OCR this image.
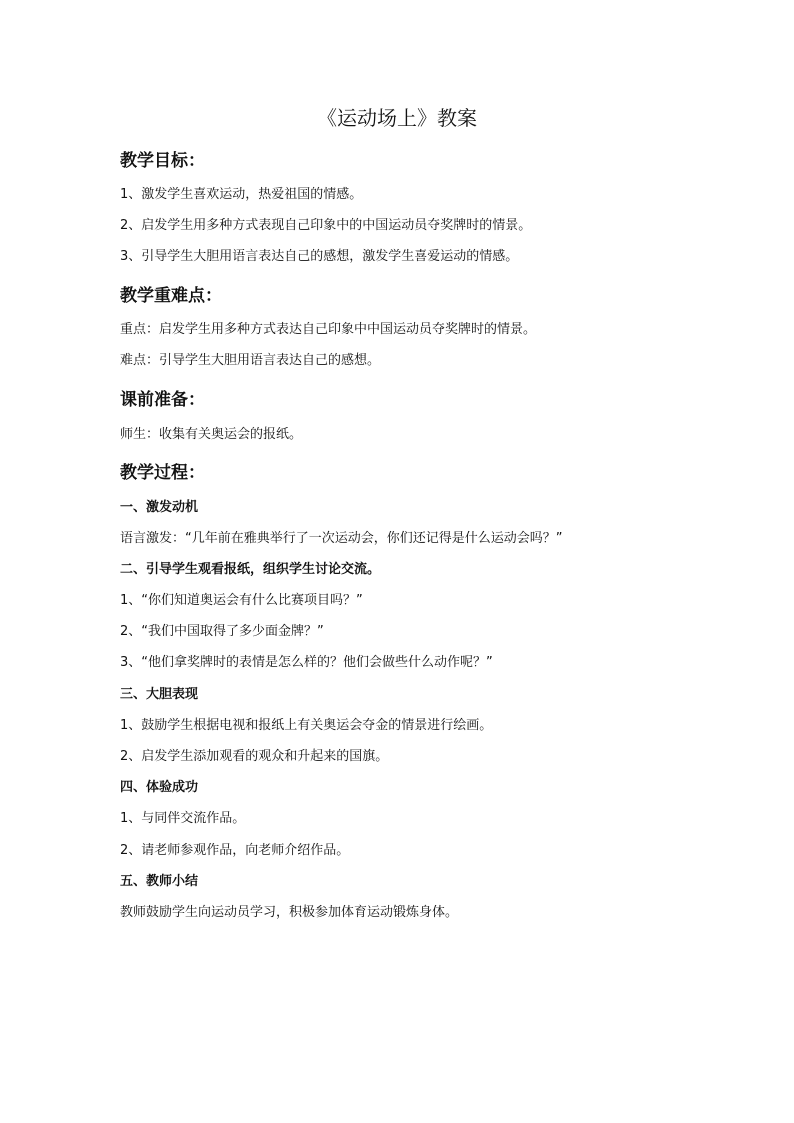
《运动场上》教案
教学目标：
1、激发学生喜欢运动，热爱祖国的情感。
2、启发学生用多种方式表现自己印象中的中国运动员夺奖牌时的情景。
3、引导学生大胆用语言表达自己的感想，激发学生喜爱运动的情感。
教学重难点：
重点：启发学生用多种方式表达自己印象中中国运动员夺奖牌时的情景。
难点：引导学生大胆用语言表达自己的感想。
课前准备：
师生：收集有关奥运会的报纸。
教学过程：
一、激发动机
语言激发：“几年前在雅典举行了一次运动会，你们还记得是什么运动会吗？”
二、引导学生观看报纸，组织学生讨论交流。
1、“你们知道奥运会有什么比赛项目吗？”
2、“我们中国取得了多少面金牌？”
3、“他们拿奖牌时的表情是怎么样的？他们会做些什么动作呢？”
三、大胆表现
1、鼓励学生根据电视和报纸上有关奥运会夺金的情景进行绘画。
2、启发学生添加观看的观众和升起来的国旗。
四、体验成功
1、与同伴交流作品。
2、请老师参观作品，向老师介绍作品。
五、教师小结
教师鼓励学生向运动员学习，积极参加体育运动锻炼身体。
